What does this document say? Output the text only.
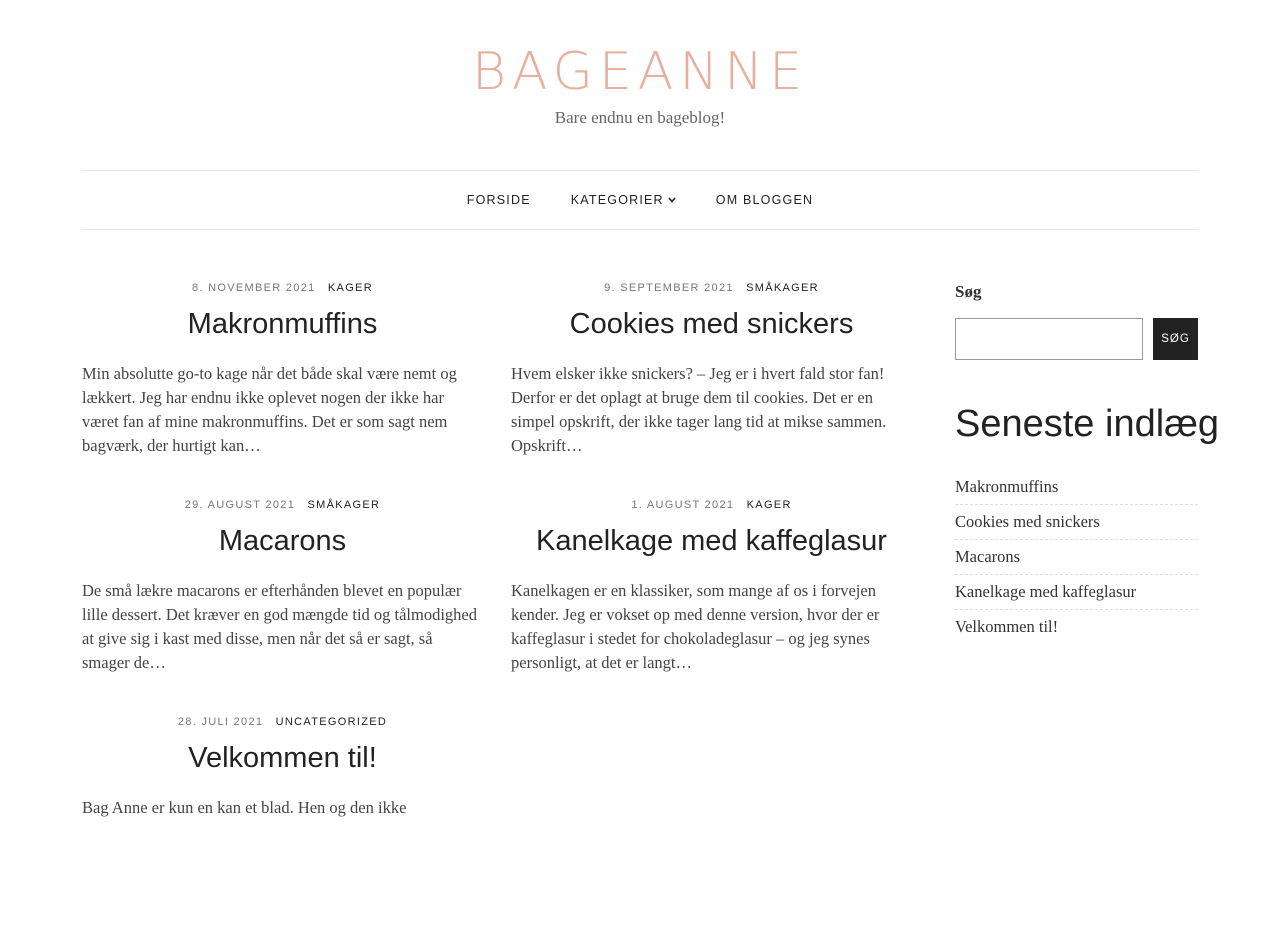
BAGEANNE
Bare endnu en bageblog!
FORSIDE	KATEGORIER	OM BLOGGEN
8. NOVEMBER 2021 KAGER
Makronmuffins
Min absolutte go-to kage når det både skal være nemt og lækkert. Jeg har endnu ikke oplevet nogen der ikke har været fan af mine makronmuffins. Det er som sagt nem bagværk, der hurtigt kan…
9. SEPTEMBER 2021 SMÅKAGER
Cookies med snickers
Hvem elsker ikke snickers? – Jeg er i hvert fald stor fan! Derfor er det oplagt at bruge dem til cookies. Det er en simpel opskrift, der ikke tager lang tid at mikse sammen. Opskrift…
29. AUGUST 2021 SMÅKAGER
Macarons
De små lækre macarons er efterhånden blevet en populær lille dessert. Det kræver en god mængde tid og tålmodighed at give sig i kast med disse, men når det så er sagt, så smager de…
1. AUGUST 2021 KAGER
Kanelkage med kaffeglasur
Kanelkagen er en klassiker, som mange af os i forvejen kender. Jeg er vokset op med denne version, hvor der er kaffeglasur i stedet for chokoladeglasur – og jeg synes personligt, at det er langt…
28. JULI 2021 UNCATEGORIZED
Velkommen til!
Bag Anne er kun en kan et blad. Hen og den ikke
Søg
SØG
Seneste indlæg
Makronmuffins
Cookies med snickers
Macarons
Kanelkage med kaffeglasur
Velkommen til!
